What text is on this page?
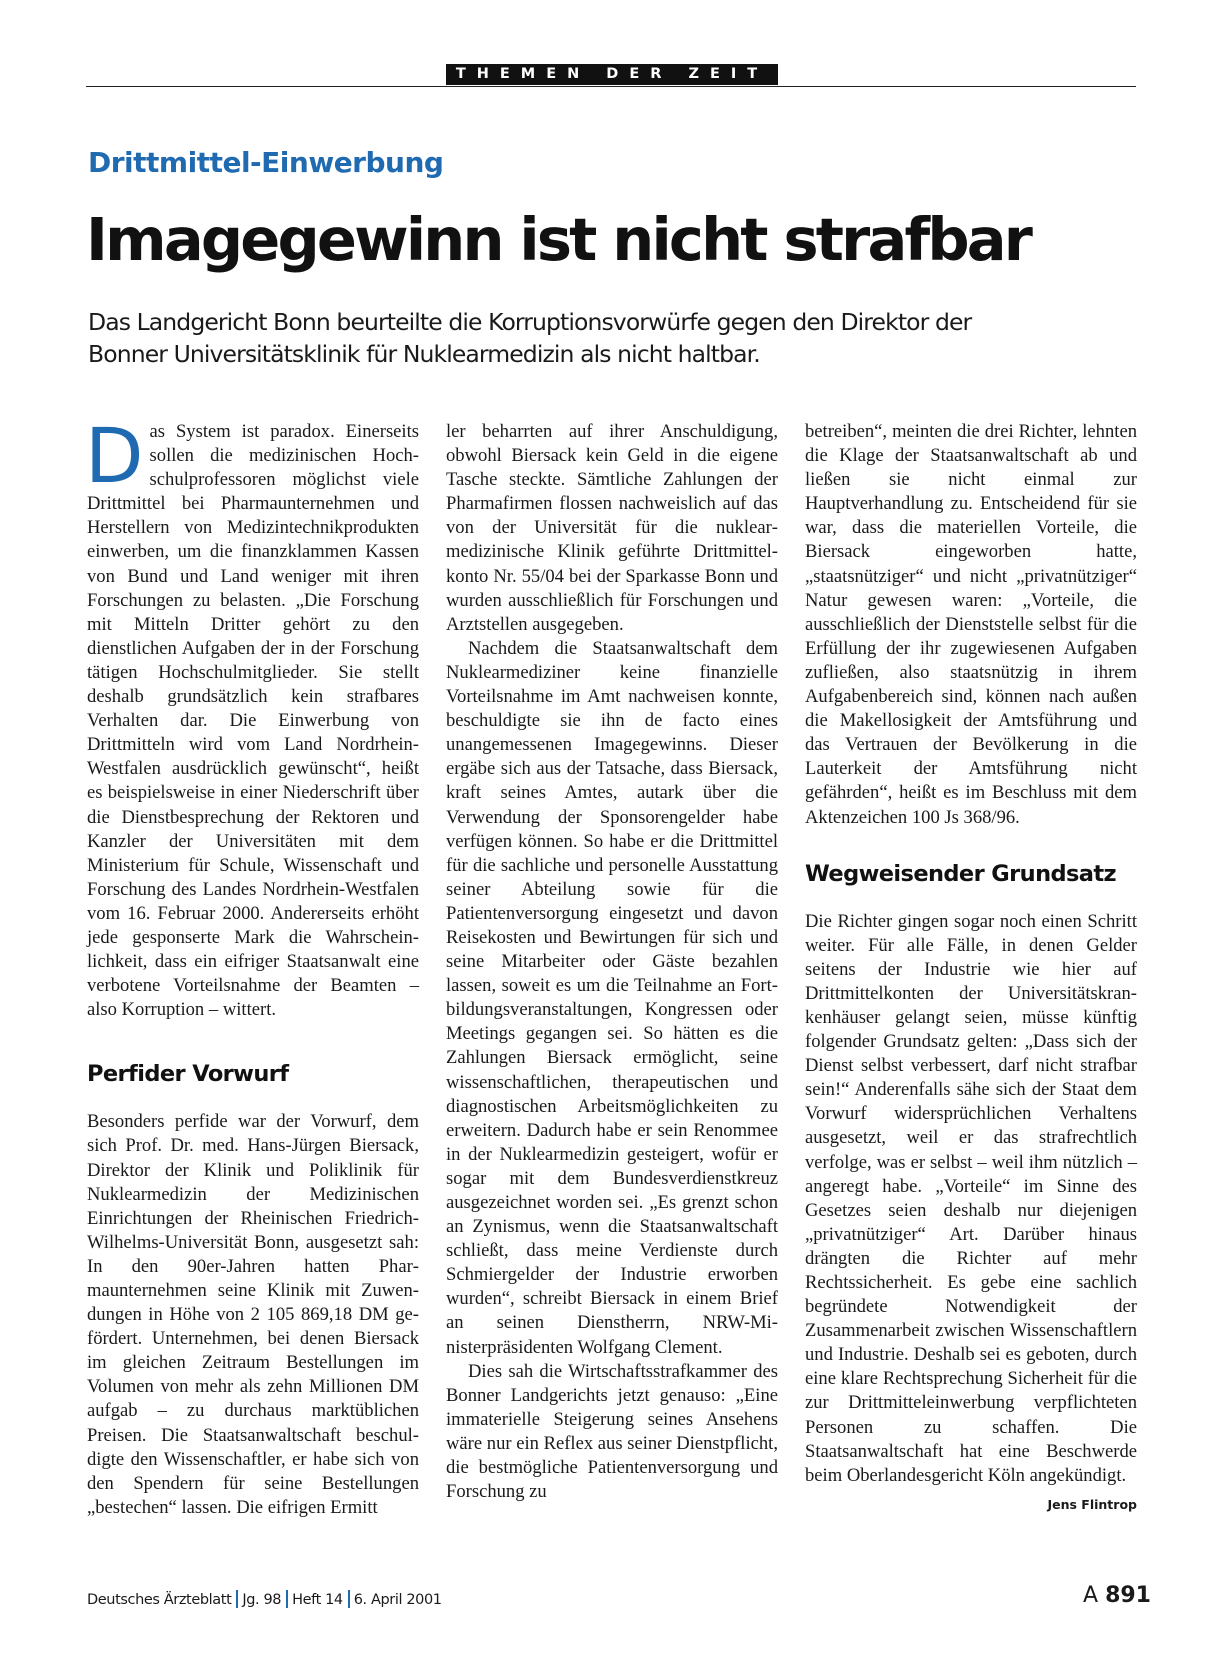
THEMEN DER ZEIT
Drittmittel-Einwerbung
Imagegewinn ist nicht strafbar
Das Landgericht Bonn beurteilte die Korruptionsvorwürfe gegen den Direktor der
Bonner Universitätsklinik für Nuklearmedizin als nicht haltbar.

Das System ist paradox. Einerseits sollen die medizinischen Hochschulprofessoren möglichst viele Drittmittel bei Pharmaunternehmen und Herstellern von Medizintechnikprodukten einwerben, um die finanzklammen Kassen von Bund und Land weniger mit ihren Forschungen zu belasten. „Die Forschung mit Mitteln Dritter gehört zu den dienstlichen Aufgaben der in der Forschung tätigen Hochschulmitglieder. Sie stellt deshalb grundsätzlich kein strafbares Verhalten dar. Die Einwerbung von Drittmitteln wird vom Land Nordrhein-Westfalen ausdrücklich gewünscht“, heißt es beispielsweise in einer Niederschrift über die Dienstbesprechung der Rektoren und Kanzler der Universitäten mit dem Ministerium für Schule, Wissenschaft und Forschung des Landes Nordrhein-Westfalen vom 16. Februar 2000. Andererseits erhöht jede gesponserte Mark die Wahrscheinlichkeit, dass ein eifriger Staatsanwalt eine verbotene Vorteilsnahme der Beamten – also Korruption – wittert.

Perfider Vorwurf

Besonders perfide war der Vorwurf, dem sich Prof. Dr. med. Hans-Jürgen Biersack, Direktor der Klinik und Poliklinik für Nuklearmedizin der Medizinischen Einrichtungen der Rheinischen Friedrich-Wilhelms-Universität Bonn, ausgesetzt sah: In den 90er-Jahren hatten Pharmaunternehmen seine Klinik mit Zuwendungen in Höhe von 2 105 869,18 DM gefördert. Unternehmen, bei denen Biersack im gleichen Zeitraum Bestellungen im Volumen von mehr als zehn Millionen DM aufgab – zu durchaus marktüblichen Preisen. Die Staatsanwaltschaft beschuldigte den Wissenschaftler, er habe sich von den Spendern für seine Bestellungen „bestechen“ lassen. Die eifrigen Ermitt

ler beharrten auf ihrer Anschuldigung, obwohl Biersack kein Geld in die eigene Tasche steckte. Sämtliche Zahlungen der Pharmafirmen flossen nachweislich auf das von der Universität für die nuklearmedizinische Klinik geführte Drittmittelkonto Nr. 55/04 bei der Sparkasse Bonn und wurden ausschließlich für Forschungen und Arztstellen ausgegeben.

Nachdem die Staatsanwaltschaft dem Nuklearmediziner keine finanzielle Vorteilsnahme im Amt nachweisen konnte, beschuldigte sie ihn de facto eines unangemessenen Imagegewinns. Dieser ergäbe sich aus der Tatsache, dass Biersack, kraft seines Amtes, autark über die Verwendung der Sponsorengelder habe verfügen können. So habe er die Drittmittel für die sachliche und personelle Ausstattung seiner Abteilung sowie für die Patientenversorgung eingesetzt und davon Reisekosten und Bewirtungen für sich und seine Mitarbeiter oder Gäste bezahlen lassen, soweit es um die Teilnahme an Fortbildungsveranstaltungen, Kongressen oder Meetings gegangen sei. So hätten es die Zahlungen Biersack ermöglicht, seine wissenschaftlichen, therapeutischen und diagnostischen Arbeitsmöglichkeiten zu erweitern. Dadurch habe er sein Renommee in der Nuklearmedizin gesteigert, wofür er sogar mit dem Bundesverdienstkreuz ausgezeichnet worden sei. „Es grenzt schon an Zynismus, wenn die Staatsanwaltschaft schließt, dass meine Verdienste durch Schmiergelder der Industrie erworben wurden“, schreibt Biersack in einem Brief an seinen Dienstherrn, NRW-Ministerpräsidenten Wolfgang Clement.
Dies sah die Wirtschaftsstrafkammer des Bonner Landgerichts jetzt genauso: „Eine immaterielle Steigerung seines Ansehens wäre nur ein Reflex aus seiner Dienstpflicht, die bestmögliche Patientenversorgung und Forschung zu

betreiben“, meinten die drei Richter, lehnten die Klage der Staatsanwaltschaft ab und ließen sie nicht einmal zur Hauptverhandlung zu. Entscheidend für sie war, dass die materiellen Vorteile, die Biersack eingeworben hatte, „staatsnütziger“ und nicht „privatnütziger“ Natur gewesen waren: „Vorteile, die ausschließlich der Dienststelle selbst für die Erfüllung der ihr zugewiesenen Aufgaben zufließen, also staatsnützig in ihrem Aufgabenbereich sind, können nach außen die Makellosigkeit der Amtsführung und das Vertrauen der Bevölkerung in die Lauterkeit der Amtsführung nicht gefährden“, heißt es im Beschluss mit dem Aktenzeichen 100 Js 368/96.

Wegweisender Grundsatz

Die Richter gingen sogar noch einen Schritt weiter. Für alle Fälle, in denen Gelder seitens der Industrie wie hier auf Drittmittelkonten der Universitätskrankenhäuser gelangt seien, müsse künftig folgender Grundsatz gelten: „Dass sich der Dienst selbst verbessert, darf nicht strafbar sein!“ Anderenfalls sähe sich der Staat dem Vorwurf widersprüchlichen Verhaltens ausgesetzt, weil er das strafrechtlich verfolge, was er selbst – weil ihm nützlich – angeregt habe. „Vorteile“ im Sinne des Gesetzes seien deshalb nur diejenigen „privatnütziger“ Art. Darüber hinaus drängten die Richter auf mehr Rechtssicherheit. Es gebe eine sachlich begründete Notwendigkeit der Zusammenarbeit zwischen Wissenschaftlern und Industrie. Deshalb sei es geboten, durch eine klare Rechtsprechung Sicherheit für die zur Drittmitteleinwerbung verpflichteten Personen zu schaffen. Die Staatsanwaltschaft hat eine Beschwerde beim Oberlandesgericht Köln angekündigt.
Jens Flintrop

Deutsches Ärzteblatt Jg. 98 Heft 14 6. April 2001	A 891
